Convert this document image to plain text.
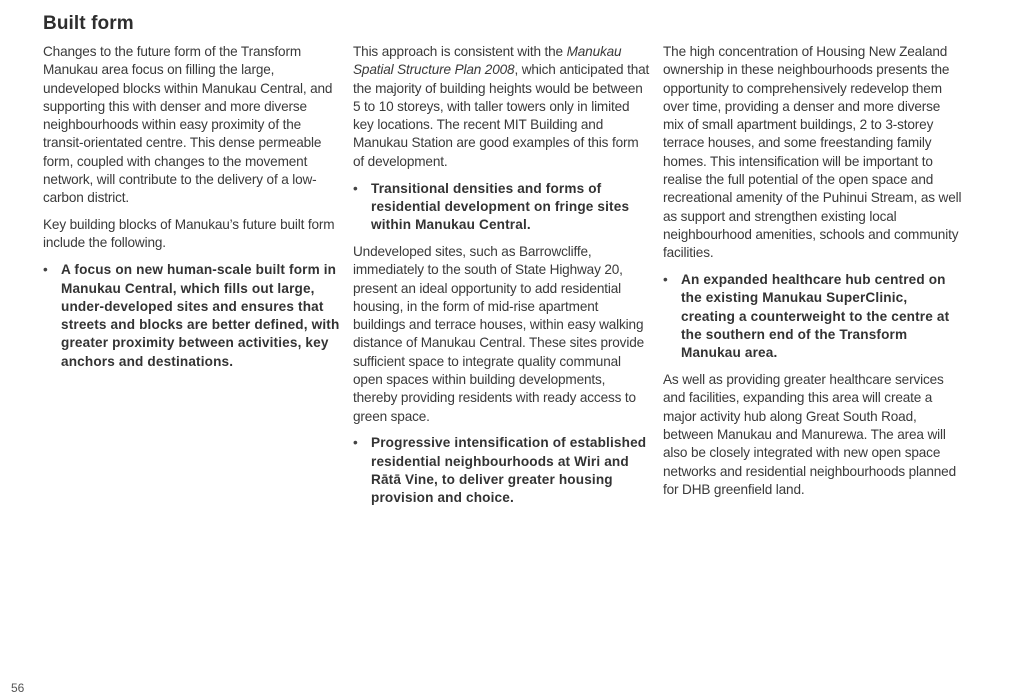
Built form

Changes to the future form of the Transform Manukau area focus on filling the large, undeveloped blocks within Manukau Central, and supporting this with denser and more diverse neighbourhoods within easy proximity of the transit-orientated centre. This dense permeable form, coupled with changes to the movement network, will contribute to the delivery of a low-carbon district.

Key building blocks of Manukau’s future built form include the following.

• A focus on new human-scale built form in Manukau Central, which fills out large, under-developed sites and ensures that streets and blocks are better defined, with greater proximity between activities, key anchors and destinations.

This approach is consistent with the Manukau Spatial Structure Plan 2008, which anticipated that the majority of building heights would be between 5 to 10 storeys, with taller towers only in limited key locations. The recent MIT Building and Manukau Station are good examples of this form of development.

• Transitional densities and forms of residential development on fringe sites within Manukau Central.

Undeveloped sites, such as Barrowcliffe, immediately to the south of State Highway 20, present an ideal opportunity to add residential housing, in the form of mid-rise apartment buildings and terrace houses, within easy walking distance of Manukau Central. These sites provide sufficient space to integrate quality communal open spaces within building developments, thereby providing residents with ready access to green space.

• Progressive intensification of established residential neighbourhoods at Wiri and Rātā Vine, to deliver greater housing provision and choice.

The high concentration of Housing New Zealand ownership in these neighbourhoods presents the opportunity to comprehensively redevelop them over time, providing a denser and more diverse mix of small apartment buildings, 2 to 3-storey terrace houses, and some freestanding family homes. This intensification will be important to realise the full potential of the open space and recreational amenity of the Puhinui Stream, as well as support and strengthen existing local neighbourhood amenities, schools and community facilities.

• An expanded healthcare hub centred on the existing Manukau SuperClinic, creating a counterweight to the centre at the southern end of the Transform Manukau area.

As well as providing greater healthcare services and facilities, expanding this area will create a major activity hub along Great South Road, between Manukau and Manurewa. The area will also be closely integrated with new open space networks and residential neighbourhoods planned for DHB greenfield land.

56
